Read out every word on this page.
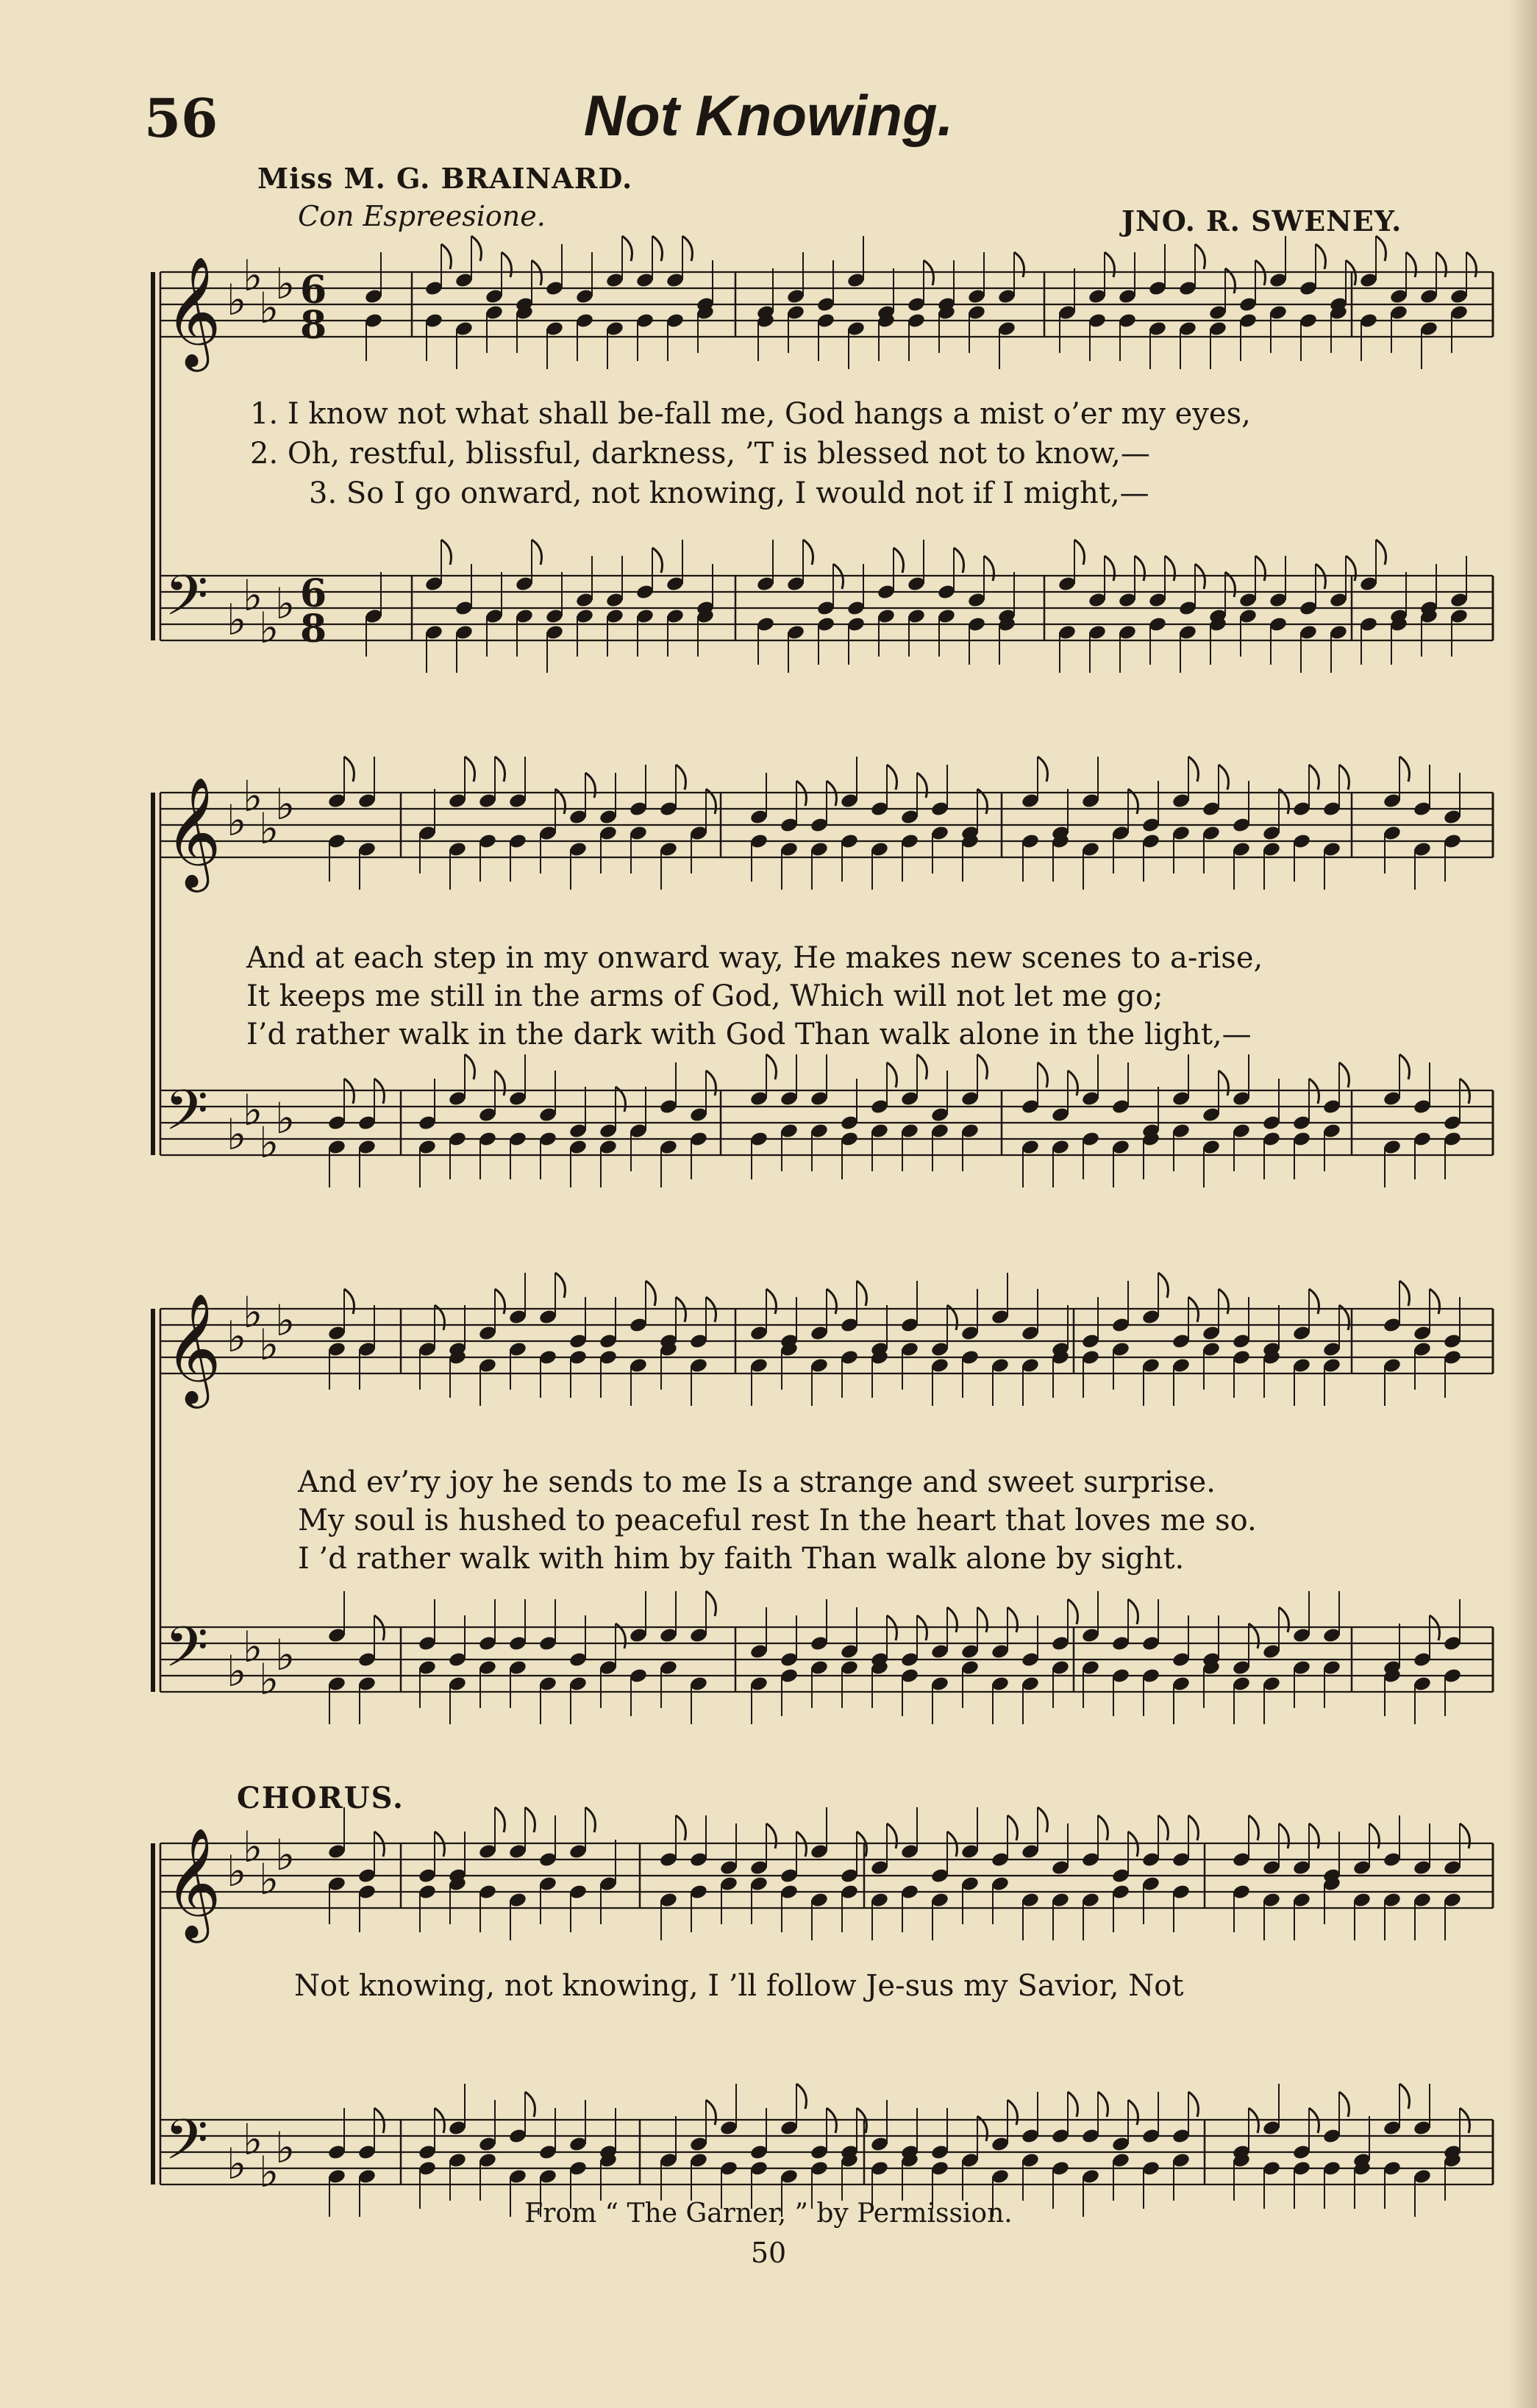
56	Not Knowing.
Miss M. G. BRAINARD.
Con Espreesione.	JNO. R. SWENEY.
𝄞 ♭
♭
♭
♭ 6
8
𝄢 ♭
♭
♭
♭ 6
8
𝄞 ♭
♭
♭
♭
𝄢 ♭
♭
♭
♭
𝄞 ♭
♭
♭
♭
𝄢 ♭
♭
♭
♭
𝄞 ♭
♭
♭
♭
𝄢 ♭
♭
♭
♭
1. I know not what shall be-fall me, God hangs a mist o’er my eyes,
2. Oh, restful, blissful, darkness, ’T is blessed not to know,—
3. So I go onward, not knowing, I would not if I might,—
And at each step in my onward way, He makes new scenes to a-rise,
It keeps me still in the arms of God, Which will not let me go;
I’d rather walk in the dark with God Than walk alone in the light,—
And ev’ry joy he sends to me Is a strange and sweet surprise.
My soul is hushed to peaceful rest In the heart that loves me so.
I ’d rather walk with him by faith Than walk alone by sight.
CHORUS.
Not knowing, not knowing, I ’ll follow Je-sus my Savior, Not
From “ The Garner, ” by Permission.
50
